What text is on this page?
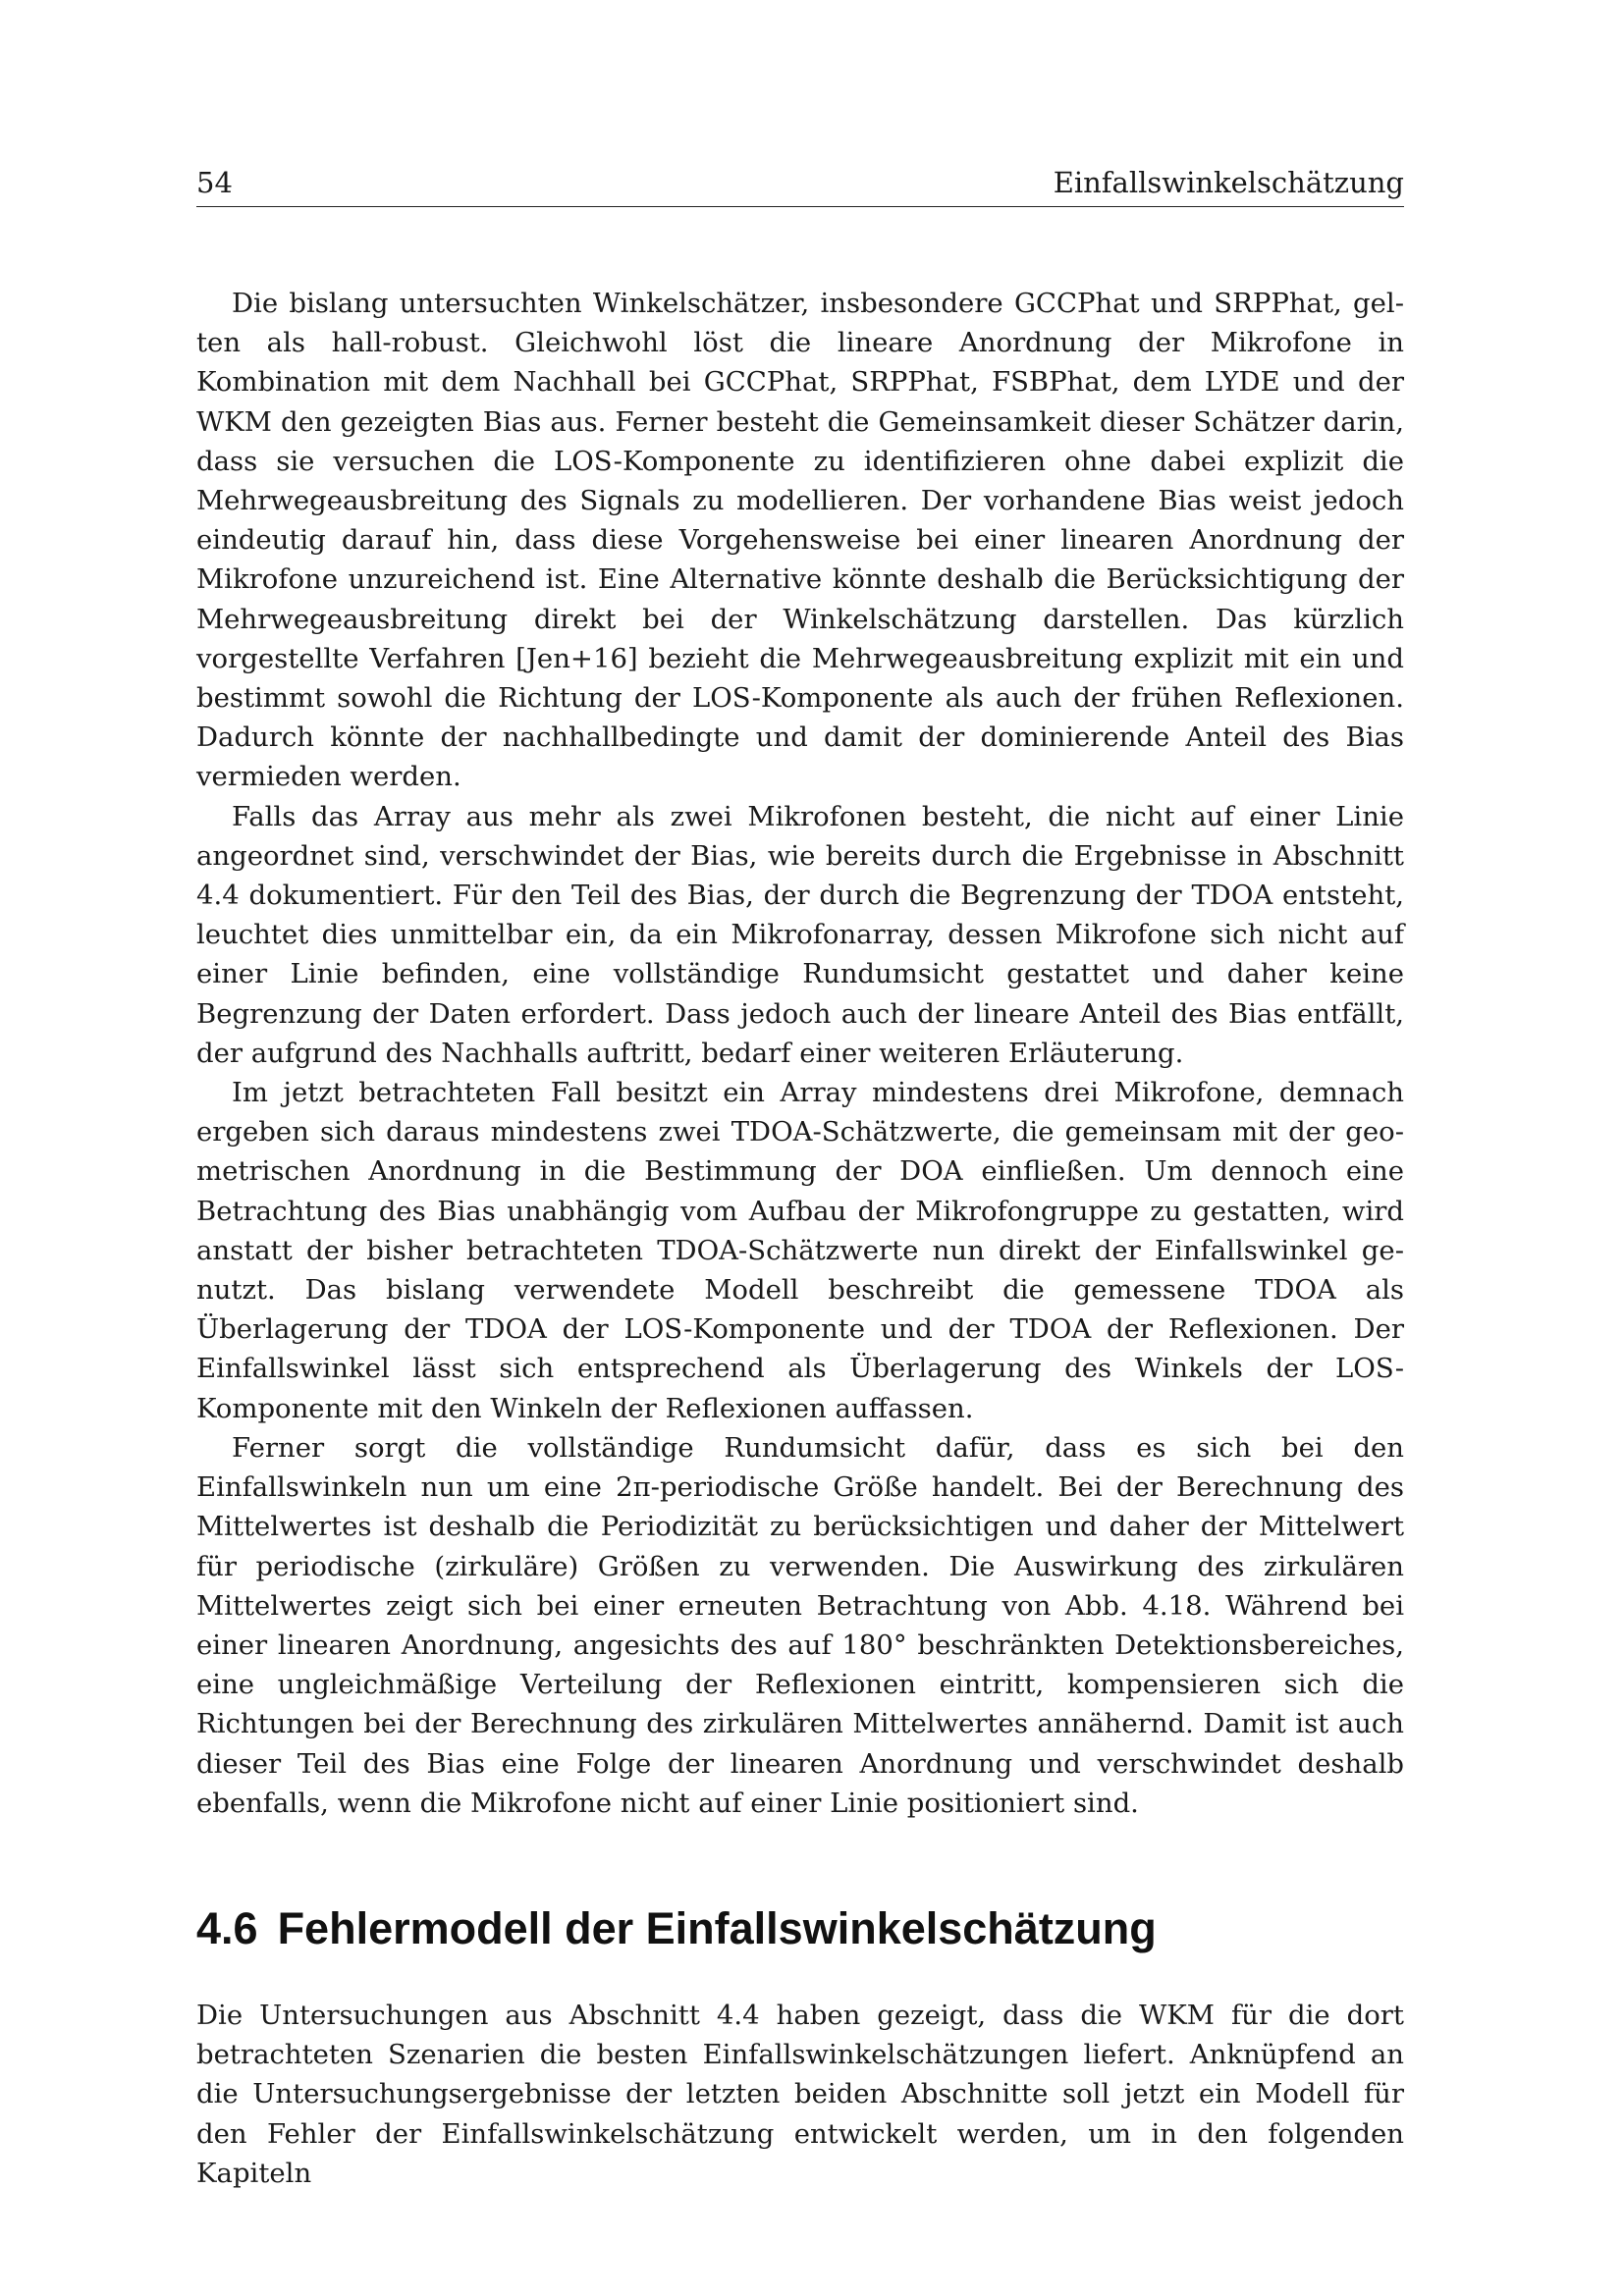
54	Einfallswinkelschätzung

Die bislang untersuchten Winkelschätzer, insbesondere GCCPhat und SRPPhat, gelten als hall-robust. Gleichwohl löst die lineare Anordnung der Mikrofone in Kombination mit dem Nachhall bei GCCPhat, SRPPhat, FSBPhat, dem LYDE und der WKM den gezeigten Bias aus. Ferner besteht die Gemeinsamkeit dieser Schätzer darin, dass sie versuchen die LOS-Komponente zu identifizieren ohne dabei explizit die Mehrwegeausbreitung des Signals zu modellieren. Der vorhandene Bias weist jedoch eindeutig darauf hin, dass diese Vorgehensweise bei einer linearen Anordnung der Mikrofone unzureichend ist. Eine Alternative könnte deshalb die Berücksichtigung der Mehrwegeausbreitung direkt bei der Winkelschätzung darstellen. Das kürzlich vorgestellte Verfahren [Jen+16] bezieht die Mehrwegeausbreitung explizit mit ein und bestimmt sowohl die Richtung der LOS-Komponente als auch der frühen Reflexionen. Dadurch könnte der nachhallbedingte und damit der dominierende Anteil des Bias vermieden werden.

Falls das Array aus mehr als zwei Mikrofonen besteht, die nicht auf einer Linie angeordnet sind, verschwindet der Bias, wie bereits durch die Ergebnisse in Abschnitt 4.4 dokumentiert. Für den Teil des Bias, der durch die Begrenzung der TDOA entsteht, leuchtet dies unmittelbar ein, da ein Mikrofonarray, dessen Mikrofone sich nicht auf einer Linie befinden, eine vollständige Rundumsicht gestattet und daher keine Begrenzung der Daten erfordert. Dass jedoch auch der lineare Anteil des Bias entfällt, der aufgrund des Nachhalls auftritt, bedarf einer weiteren Erläuterung.

Im jetzt betrachteten Fall besitzt ein Array mindestens drei Mikrofone, demnach ergeben sich daraus mindestens zwei TDOA-Schätzwerte, die gemeinsam mit der geometrischen Anordnung in die Bestimmung der DOA einfließen. Um dennoch eine Betrachtung des Bias unabhängig vom Aufbau der Mikrofongruppe zu gestatten, wird anstatt der bisher betrachteten TDOA-Schätzwerte nun direkt der Einfallswinkel genutzt. Das bislang verwendete Modell beschreibt die gemessene TDOA als Überlagerung der TDOA der LOS-Komponente und der TDOA der Reflexionen. Der Einfallswinkel lässt sich entsprechend als Überlagerung des Winkels der LOS-Komponente mit den Winkeln der Reflexionen auffassen.

Ferner sorgt die vollständige Rundumsicht dafür, dass es sich bei den Einfallswinkeln nun um eine 2π-periodische Größe handelt. Bei der Berechnung des Mittelwertes ist deshalb die Periodizität zu berücksichtigen und daher der Mittelwert für periodische (zirkuläre) Größen zu verwenden. Die Auswirkung des zirkulären Mittelwertes zeigt sich bei einer erneuten Betrachtung von Abb. 4.18. Während bei einer linearen Anordnung, angesichts des auf 180° beschränkten Detektionsbereiches, eine ungleichmäßige Verteilung der Reflexionen eintritt, kompensieren sich die Richtungen bei der Berechnung des zirkulären Mittelwertes annähernd. Damit ist auch dieser Teil des Bias eine Folge der linearen Anordnung und verschwindet deshalb ebenfalls, wenn die Mikrofone nicht auf einer Linie positioniert sind.

4.6 Fehlermodell der Einfallswinkelschätzung

Die Untersuchungen aus Abschnitt 4.4 haben gezeigt, dass die WKM für die dort betrachteten Szenarien die besten Einfallswinkelschätzungen liefert. Anknüpfend an die Untersuchungsergebnisse der letzten beiden Abschnitte soll jetzt ein Modell für den Fehler der Einfallswinkelschätzung entwickelt werden, um in den folgenden Kapiteln
